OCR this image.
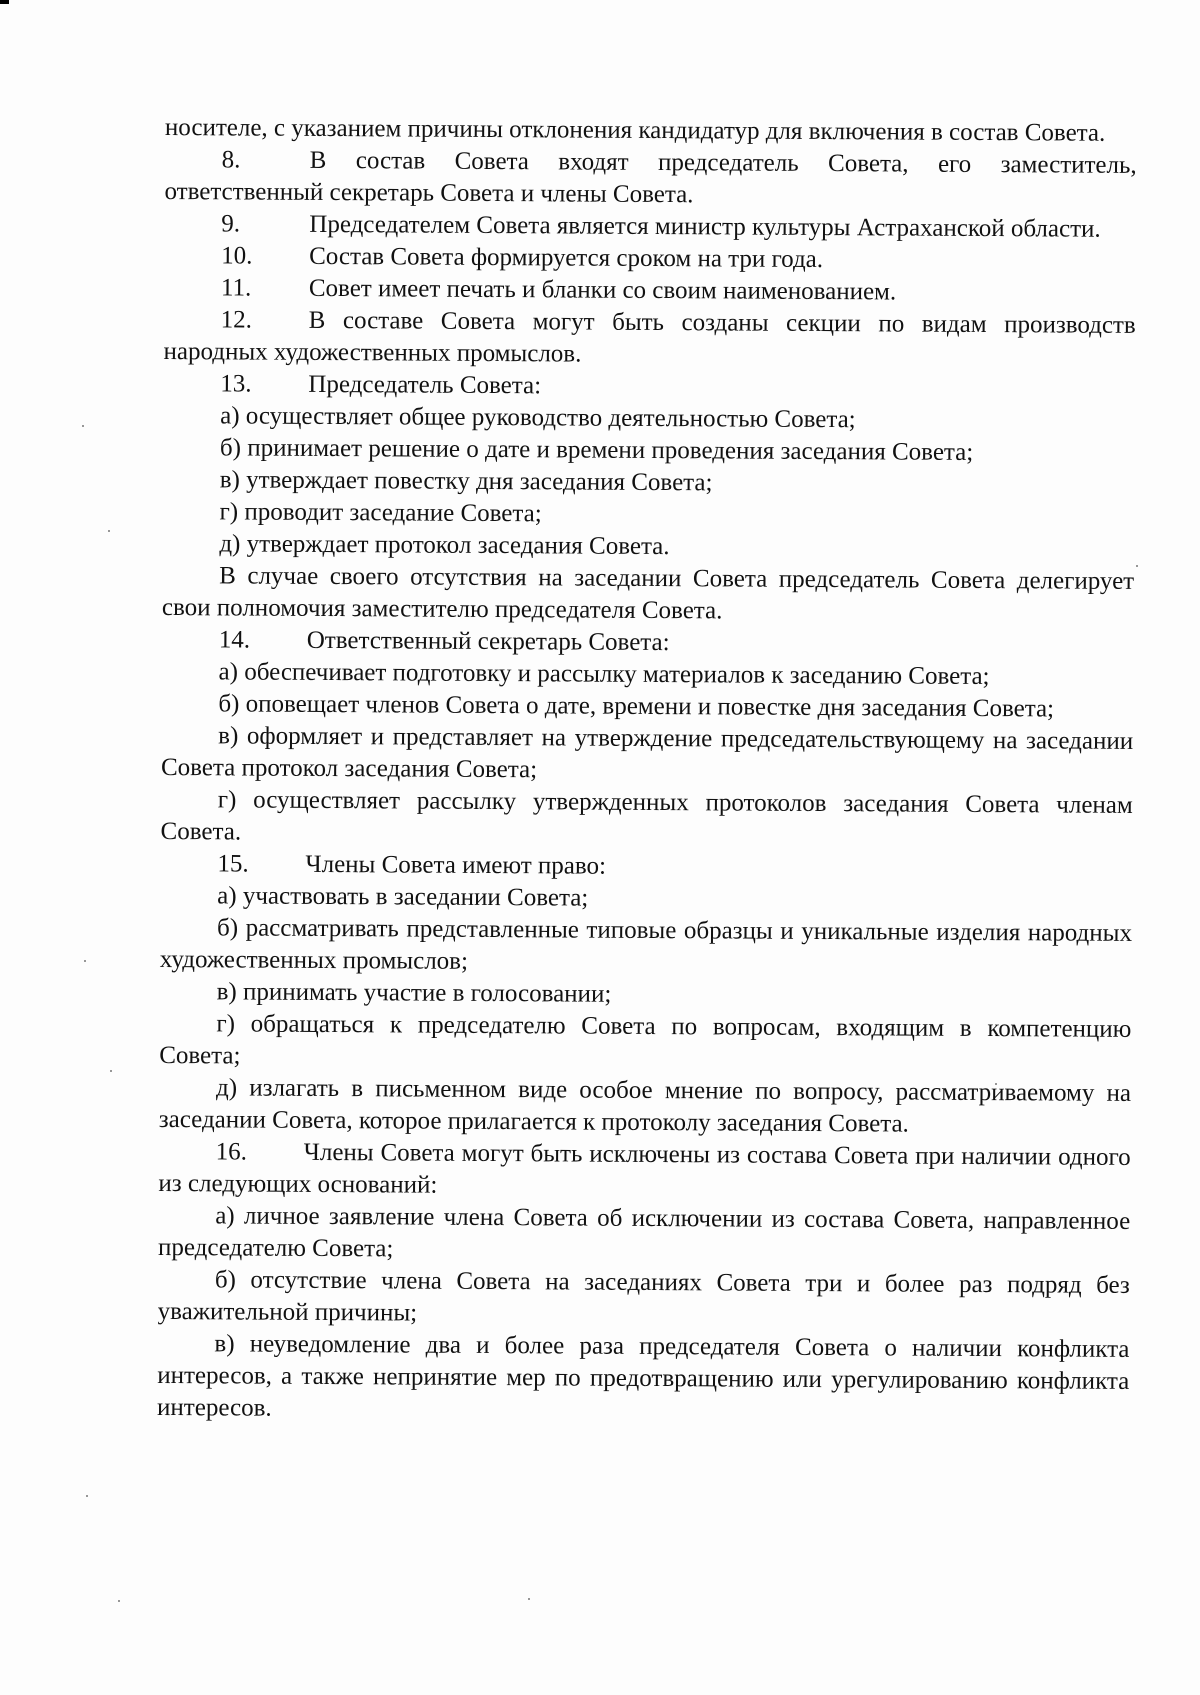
носителе, с указанием причины отклонения кандидатур для включения в состав Совета.

8.	В состав Совета входят председатель Совета, его заместитель, ответственный секретарь Совета и члены Совета.

9.	Председателем Совета является министр культуры Астраханской области.

10. Состав Совета формируется сроком на три года.

11. Совет имеет печать и бланки со своим наименованием.

12. В составе Совета могут быть созданы секции по видам производств народных художественных промыслов.

13. Председатель Совета:

а) осуществляет общее руководство деятельностью Совета;

б) принимает решение о дате и времени проведения заседания Совета;

в) утверждает повестку дня заседания Совета;

г) проводит заседание Совета;

д) утверждает протокол заседания Совета.

В случае своего отсутствия на заседании Совета председатель Совета делегирует свои полномочия заместителю председателя Совета.

14. Ответственный секретарь Совета:

а) обеспечивает подготовку и рассылку материалов к заседанию Совета;

б) оповещает членов Совета о дате, времени и повестке дня заседания Совета;

в) оформляет и представляет на утверждение председательствующему на заседании Совета протокол заседания Совета;

г) осуществляет рассылку утвержденных протоколов заседания Совета членам Совета.

15. Члены Совета имеют право:

а) участвовать в заседании Совета;

б) рассматривать представленные типовые образцы и уникальные изделия народных художественных промыслов;

в) принимать участие в голосовании;

г) обращаться к председателю Совета по вопросам, входящим в компетенцию Совета;

д) излагать в письменном виде особое мнение по вопросу, рассматриваемому на заседании Совета, которое прилагается к протоколу заседания Совета.

16. Члены Совета могут быть исключены из состава Совета при наличии одного из следующих оснований:

а) личное заявление члена Совета об исключении из состава Совета, направленное председателю Совета;

б) отсутствие члена Совета на заседаниях Совета три и более раз подряд без уважительной причины;

в) неуведомление два и более раза председателя Совета о наличии конфликта интересов, а также непринятие мер по предотвращению или урегулированию конфликта интересов.
